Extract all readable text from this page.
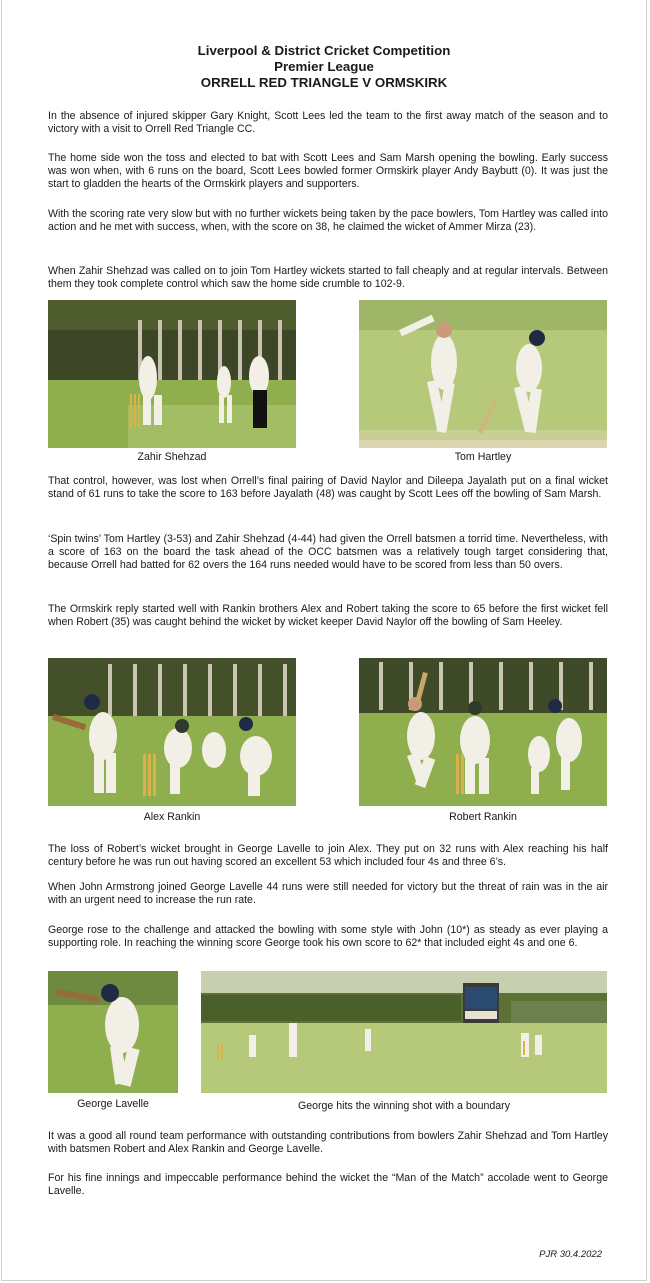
Liverpool & District Cricket Competition
Premier League
ORRELL RED TRIANGLE V ORMSKIRK

In the absence of injured skipper Gary Knight, Scott Lees led the team to the first away match of the season and to victory with a visit to Orrell Red Triangle CC.

The home side won the toss and elected to bat with Scott Lees and Sam Marsh opening the bowling. Early success was won when, with 6 runs on the board, Scott Lees bowled former Ormskirk player Andy Baybutt (0). It was just the start to gladden the hearts of the Ormskirk players and supporters.

With the scoring rate very slow but with no further wickets being taken by the pace bowlers, Tom Hartley was called into action and he met with success, when, with the score on 38, he claimed the wicket of Ammer Mirza (23).

When Zahir Shehzad was called on to join Tom Hartley wickets started to fall cheaply and at regular intervals. Between them they took complete control which saw the home side crumble to 102-9.

Zahir Shehzad	Tom Hartley

That control, however, was lost when Orrell’s final pairing of David Naylor and Dileepa Jayalath put on a final wicket stand of 61 runs to take the score to 163 before Jayalath (48) was caught by Scott Lees off the bowling of Sam Marsh.

‘Spin twins’ Tom Hartley (3-53) and Zahir Shehzad (4-44) had given the Orrell batsmen a torrid time. Nevertheless, with a score of 163 on the board the task ahead of the OCC batsmen was a relatively tough target considering that, because Orrell had batted for 62 overs the 164 runs needed would have to be scored from less than 50 overs.

The Ormskirk reply started well with Rankin brothers Alex and Robert taking the score to 65 before the first wicket fell when Robert (35) was caught behind the wicket by wicket keeper David Naylor off the bowling of Sam Heeley.

Alex Rankin	Robert Rankin

The loss of Robert’s wicket brought in George Lavelle to join Alex. They put on 32 runs with Alex reaching his half century before he was run out having scored an excellent 53 which included four 4s and three 6’s.

When John Armstrong joined George Lavelle 44 runs were still needed for victory but the threat of rain was in the air with an urgent need to increase the run rate.

George rose to the challenge and attacked the bowling with some style with John (10*) as steady as ever playing a supporting role. In reaching the winning score George took his own score to 62* that included eight 4s and one 6.

George Lavelle	George hits the winning shot with a boundary

It was a good all round team performance with outstanding contributions from bowlers Zahir Shehzad and Tom Hartley with batsmen Robert and Alex Rankin and George Lavelle.

For his fine innings and impeccable performance behind the wicket the “Man of the Match” accolade went to George Lavelle.

PJR 30.4.2022
